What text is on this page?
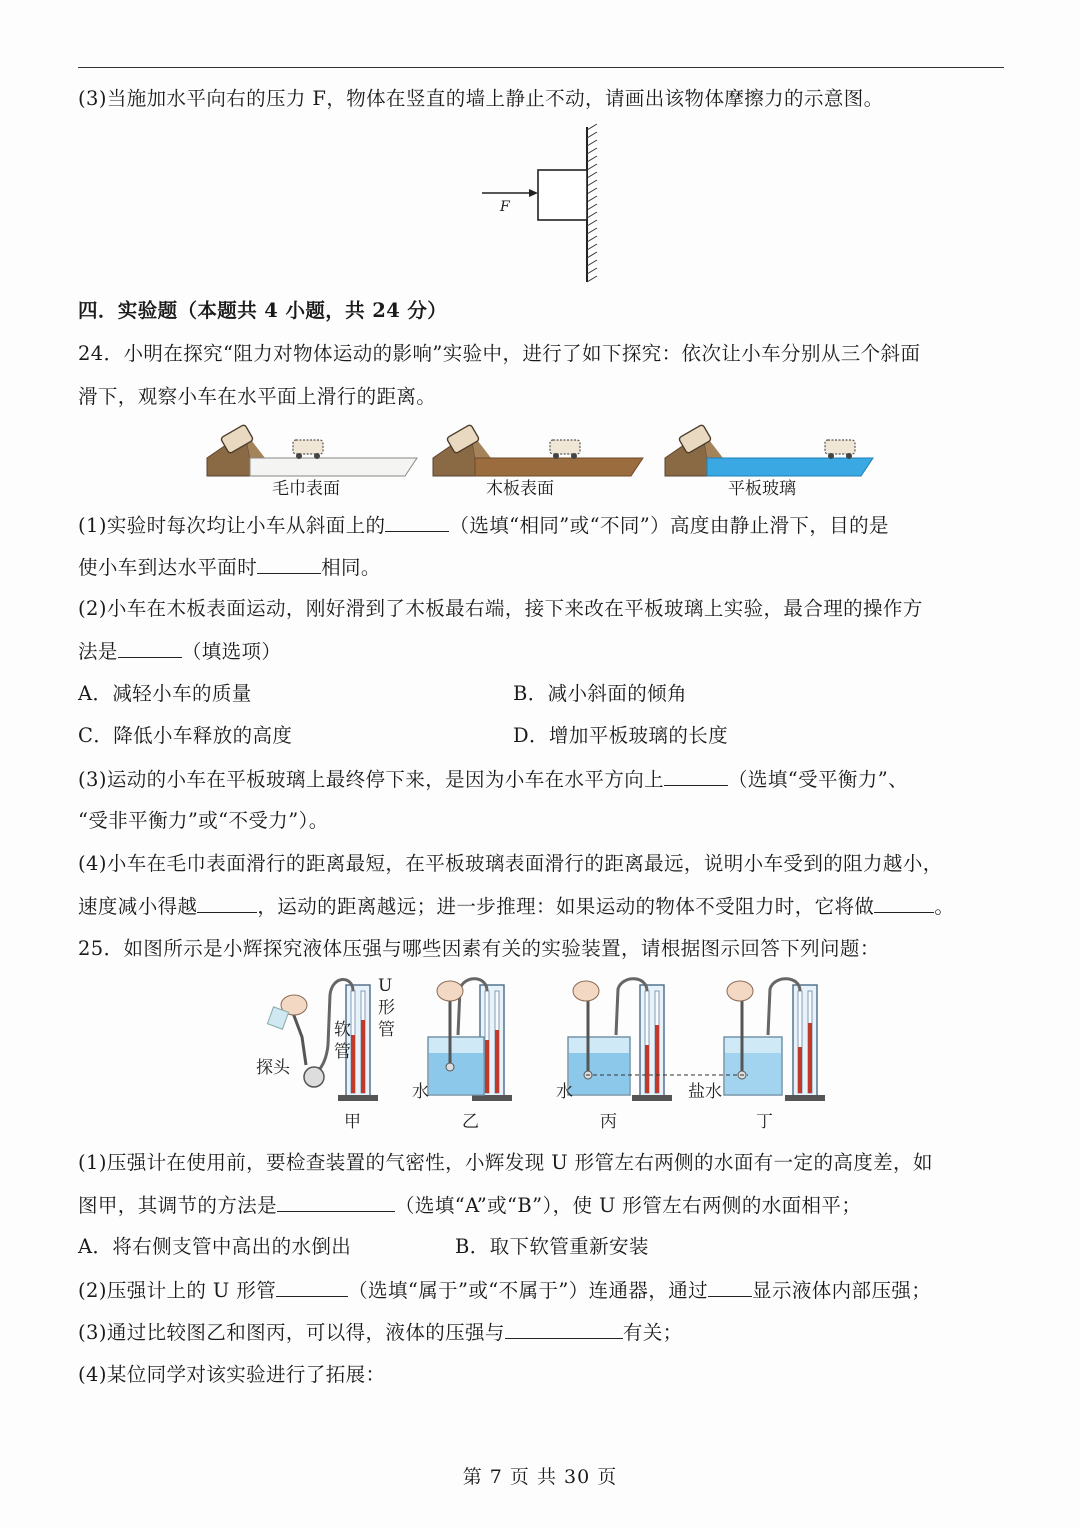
(3)当施加水平向右的压力 F，物体在竖直的墙上静止不动，请画出该物体摩擦力的示意图。
F
四．实验题（本题共 4 小题，共 24 分）
24．小明在探究“阻力对物体运动的影响”实验中，进行了如下探究：依次让小车分别从三个斜面
滑下，观察小车在水平面上滑行的距离。
毛巾表面	木板表面	平板玻璃
(1)实验时每次均让小车从斜面上的	（选填“相同”或“不同”）高度由静止滑下，目的是
使小车到达水平面时	相同。
(2)小车在木板表面运动，刚好滑到了木板最右端，接下来改在平板玻璃上实验，最合理的操作方
法是	（填选项）
A．减轻小车的质量	B．减小斜面的倾角
C．降低小车释放的高度	D．增加平板玻璃的长度
(3)运动的小车在平板玻璃上最终停下来，是因为小车在水平方向上	（选填“受平衡力”、
“受非平衡力”或“不受力”）。
(4)小车在毛巾表面滑行的距离最短，在平板玻璃表面滑行的距离最远，说明小车受到的阻力越小，
速度减小得越	，运动的距离越远；进一步推理：如果运动的物体不受阻力时，它将做	。
25．如图所示是小辉探究液体压强与哪些因素有关的实验装置，请根据图示回答下列问题：
U
形
管
软
管
探头
水	水	盐水
甲	乙	丙	丁
(1)压强计在使用前，要检查装置的气密性，小辉发现 U 形管左右两侧的水面有一定的高度差，如
图甲，其调节的方法是	（选填“A”或“B”），使 U 形管左右两侧的水面相平；
A．将右侧支管中高出的水倒出	B．取下软管重新安装
(2)压强计上的 U 形管	（选填“属于”或“不属于”）连通器，通过 显示液体内部压强；
(3)通过比较图乙和图丙，可以得，液体的压强与	有关；
(4)某位同学对该实验进行了拓展：
第 7 页 共 30 页
